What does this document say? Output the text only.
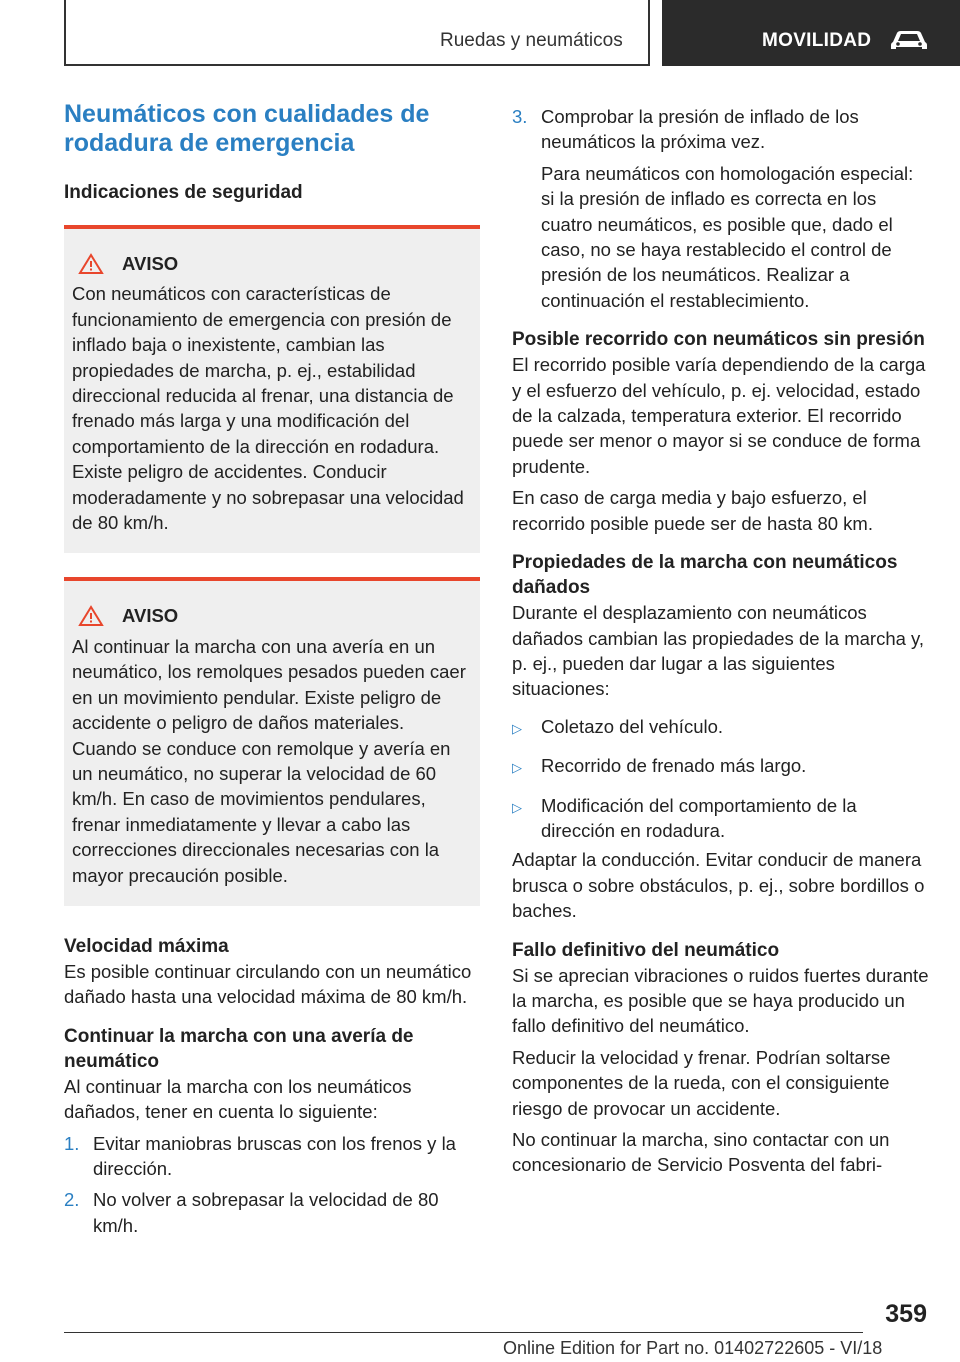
Ruedas y neumáticos	MOVILIDAD
Neumáticos con cualidades de rodadura de emergencia
Indicaciones de seguridad
AVISO

Con neumáticos con características de funcionamiento de emergencia con presión de inflado baja o inexistente, cambian las propiedades de marcha, p. ej., estabilidad direccional reducida al frenar, una distancia de frenado más larga y una modificación del comportamiento de la dirección en rodadura. Existe peligro de accidentes. Conducir moderadamente y no sobrepasar una velocidad de 80 km/h.

AVISO

Al continuar la marcha con una avería en un neumático, los remolques pesados pueden caer en un movimiento pendular. Existe peligro de accidente o peligro de daños materiales. Cuando se conduce con remolque y avería en un neumático, no superar la velocidad de 60 km/h. En caso de movimientos pendulares, frenar inmediatamente y llevar a cabo las correcciones direccionales necesarias con la mayor precaución posible.

Velocidad máxima

Es posible continuar circulando con un neumático dañado hasta una velocidad máxima de 80 km/h.

Continuar la marcha con una avería de neumático

Al continuar la marcha con los neumáticos dañados, tener en cuenta lo siguiente:

1. Evitar maniobras bruscas con los frenos y la dirección.
2. No volver a sobrepasar la velocidad de 80 km/h.
3. Comprobar la presión de inflado de los neumáticos la próxima vez.

Para neumáticos con homologación especial: si la presión de inflado es correcta en los cuatro neumáticos, es posible que, dado el caso, no se haya restablecido el control de presión de los neumáticos. Realizar a continuación el restablecimiento.

Posible recorrido con neumáticos sin presión

El recorrido posible varía dependiendo de la carga y el esfuerzo del vehículo, p. ej. velocidad, estado de la calzada, temperatura exterior. El recorrido puede ser menor o mayor si se conduce de forma prudente.

En caso de carga media y bajo esfuerzo, el recorrido posible puede ser de hasta 80 km.

Propiedades de la marcha con neumáticos dañados

Durante el desplazamiento con neumáticos dañados cambian las propiedades de la marcha y, p. ej., pueden dar lugar a las siguientes situaciones:

▷	Coletazo del vehículo.
▷	Recorrido de frenado más largo.
▷	Modificación del comportamiento de la dirección en rodadura.

Adaptar la conducción. Evitar conducir de manera brusca o sobre obstáculos, p. ej., sobre bordillos o baches.

Fallo definitivo del neumático

Si se aprecian vibraciones o ruidos fuertes durante la marcha, es posible que se haya producido un fallo definitivo del neumático.

Reducir la velocidad y frenar. Podrían soltarse componentes de la rueda, con el consiguiente riesgo de provocar un accidente.

No continuar la marcha, sino contactar con un concesionario de Servicio Posventa del fabri-

359
Online Edition for Part no. 01402722605 - VI/18
